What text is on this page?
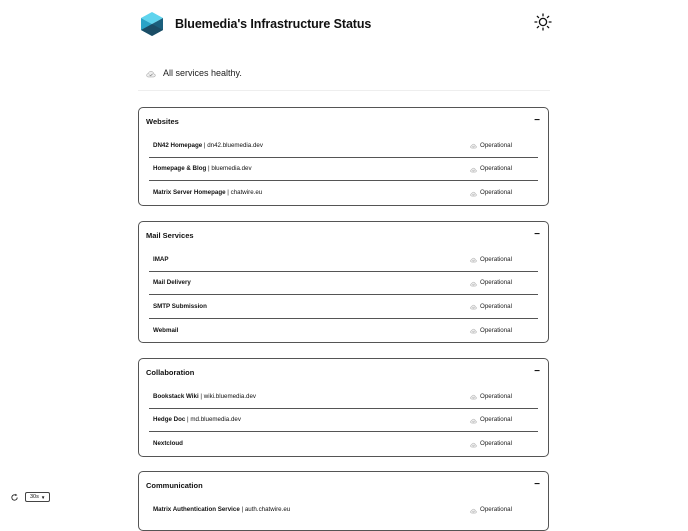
Bluemedia's Infrastructure Status
All services healthy.
Websites	−
DN42 Homepage | dn42.bluemedia.dev	Operational
Homepage & Blog | bluemedia.dev	Operational
Matrix Server Homepage | chatwire.eu	Operational
Mail Services	−
IMAP	Operational
Mail Delivery	Operational
SMTP Submission	Operational
Webmail	Operational
Collaboration	−
Bookstack Wiki | wiki.bluemedia.dev	Operational
Hedge Doc | md.bluemedia.dev	Operational
Nextcloud	Operational
Communication	−
Matrix Authentication Service | auth.chatwire.eu	Operational
30s ▼
